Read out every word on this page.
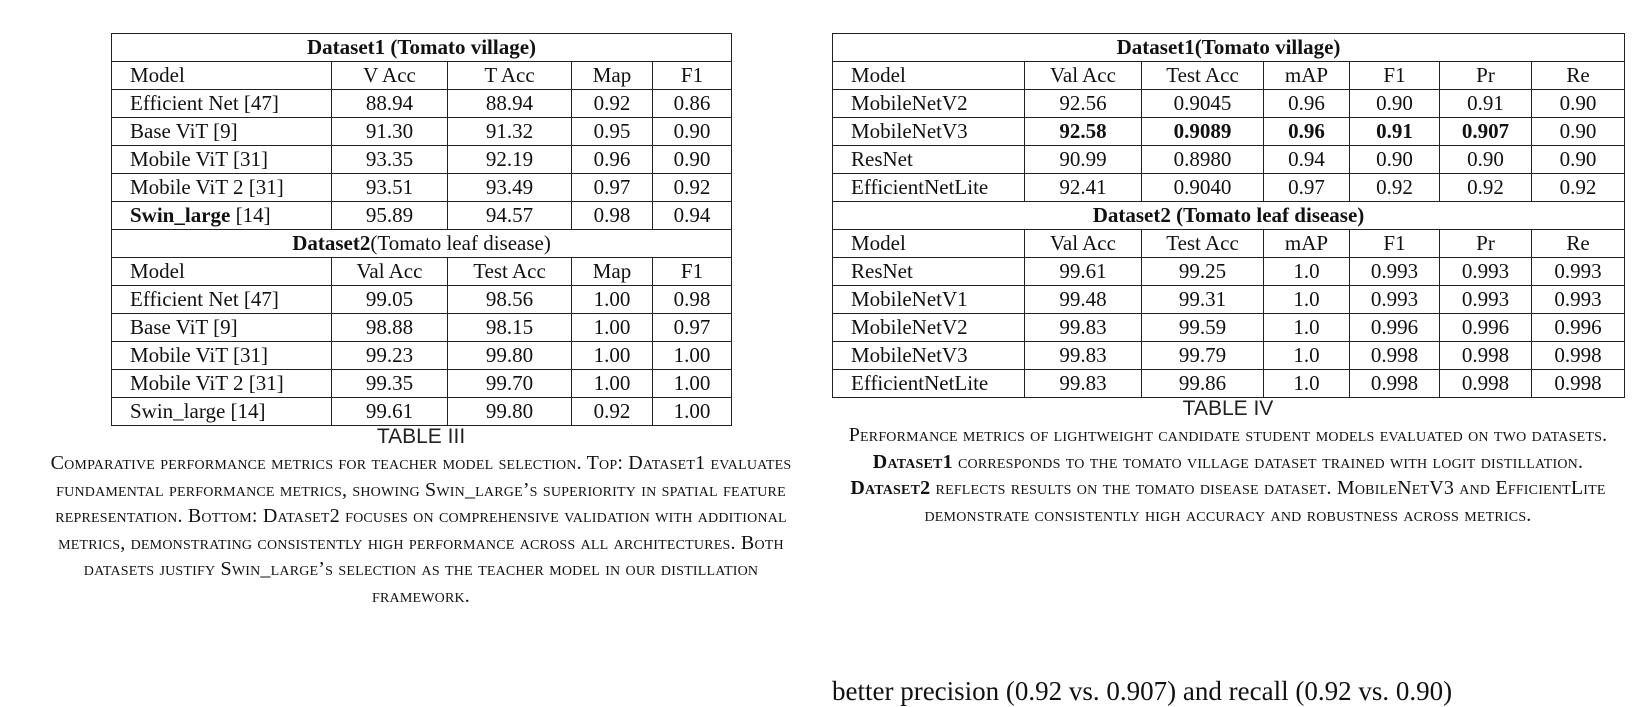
Dataset1 (Tomato village)				
Model	V Acc	T Acc	Map	F1
Efficient Net [47]	88.94	88.94	0.92	0.86
Base ViT [9]	91.30	91.32	0.95	0.90
Mobile ViT [31]	93.35	92.19	0.96	0.90
Mobile ViT 2 [31]	93.51	93.49	0.97	0.92
Swin_large [14]	95.89	94.57	0.98	0.94
Dataset2(Tomato leaf disease)				
Model	Val Acc	Test Acc	Map	F1
Efficient Net [47]	99.05	98.56	1.00	0.98
Base ViT [9]	98.88	98.15	1.00	0.97
Mobile ViT [31]	99.23	99.80	1.00	1.00
Mobile ViT 2 [31]	99.35	99.70	1.00	1.00
Swin_large [14]	99.61	99.80	0.92	1.00
TABLE III
Comparative performance metrics for teacher model selection. Top: Dataset1 evaluates fundamental performance metrics, showing Swin_large’s superiority in spatial feature representation. Bottom: Dataset2 focuses on comprehensive validation with additional metrics, demonstrating consistently high performance across all architectures. Both datasets justify Swin_large’s selection as the teacher model in our distillation framework.
Dataset1(Tomato village)						
Model	Val Acc	Test Acc	mAP	F1	Pr	Re
MobileNetV2	92.56	0.9045	0.96	0.90	0.91	0.90
MobileNetV3	92.58	0.9089	0.96	0.91	0.907	0.90
ResNet	90.99	0.8980	0.94	0.90	0.90	0.90
EfficientNetLite	92.41	0.9040	0.97	0.92	0.92	0.92
Dataset2 (Tomato leaf disease)						
Model	Val Acc	Test Acc	mAP	F1	Pr	Re
ResNet	99.61	99.25	1.0	0.993	0.993	0.993
MobileNetV1	99.48	99.31	1.0	0.993	0.993	0.993
MobileNetV2	99.83	99.59	1.0	0.996	0.996	0.996
MobileNetV3	99.83	99.79	1.0	0.998	0.998	0.998
EfficientNetLite	99.83	99.86	1.0	0.998	0.998	0.998
TABLE IV
Performance metrics of lightweight candidate student models evaluated on two datasets. Dataset1 corresponds to the tomato village dataset trained with logit distillation. Dataset2 reflects results on the tomato disease dataset. MobileNetV3 and EfficientLite demonstrate consistently high accuracy and robustness across metrics.
better precision (0.92 vs. 0.907) and recall (0.92 vs. 0.90)
